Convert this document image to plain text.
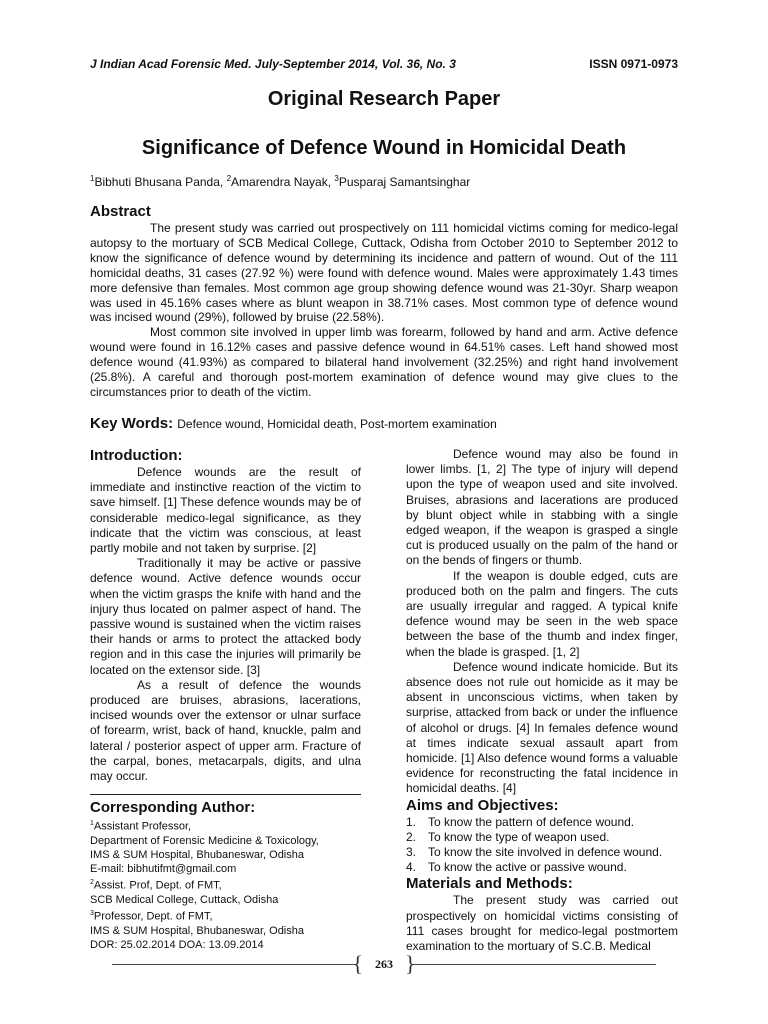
J Indian Acad Forensic Med. July-September 2014, Vol. 36, No. 3	ISSN 0971-0973
Original Research Paper
Significance of Defence Wound in Homicidal Death
$^1$Bibhuti Bhusana Panda, $^2$Amarendra Nayak, $^3$Pusparaj Samantsinghar
Abstract

The present study was carried out prospectively on 111 homicidal victims coming for medico-legal autopsy to the mortuary of SCB Medical College, Cuttack, Odisha from October 2010 to September 2012 to know the significance of defence wound by determining its incidence and pattern of wound. Out of the 111 homicidal deaths, 31 cases (27.92 %) were found with defence wound. Males were approximately 1.43 times more defensive than females. Most common age group showing defence wound was 21-30yr. Sharp weapon was used in 45.16% cases where as blunt weapon in 38.71% cases. Most common type of defence wound was incised wound (29%), followed by bruise (22.58%).

Most common site involved in upper limb was forearm, followed by hand and arm. Active defence wound were found in 16.12% cases and passive defence wound in 64.51% cases. Left hand showed most defence wound (41.93%) as compared to bilateral hand involvement (32.25%) and right hand involvement (25.8%). A careful and thorough post-mortem examination of defence wound may give clues to the circumstances prior to death of the victim.

Key Words: Defence wound, Homicidal death, Post-mortem examination
Introduction:

Defence wounds are the result of immediate and instinctive reaction of the victim to save himself. [1] These defence wounds may be of considerable medico-legal significance, as they indicate that the victim was conscious, at least partly mobile and not taken by surprise. [2]

Traditionally it may be active or passive defence wound. Active defence wounds occur when the victim grasps the knife with hand and the injury thus located on palmer aspect of hand. The passive wound is sustained when the victim raises their hands or arms to protect the attacked body region and in this case the injuries will primarily be located on the extensor side. [3]

As a result of defence the wounds produced are bruises, abrasions, lacerations, incised wounds over the extensor or ulnar surface of forearm, wrist, back of hand, knuckle, palm and lateral / posterior aspect of upper arm. Fracture of the carpal, bones, metacarpals, digits, and ulna may occur.

Corresponding Author:
$^1$Assistant Professor,
Department of Forensic Medicine & Toxicology,
IMS & SUM Hospital, Bhubaneswar, Odisha
E-mail: bibhutifmt@gmail.com
$^2$Assist. Prof, Dept. of FMT,
SCB Medical College, Cuttack, Odisha
$^3$Professor, Dept. of FMT,
IMS & SUM Hospital, Bhubaneswar, Odisha
DOR: 25.02.2014 DOA: 13.09.2014

Defence wound may also be found in lower limbs. [1, 2] The type of injury will depend upon the type of weapon used and site involved. Bruises, abrasions and lacerations are produced by blunt object while in stabbing with a single edged weapon, if the weapon is grasped a single cut is produced usually on the palm of the hand or on the bends of fingers or thumb.

If the weapon is double edged, cuts are produced both on the palm and fingers. The cuts are usually irregular and ragged. A typical knife defence wound may be seen in the web space between the base of the thumb and index finger, when the blade is grasped. [1, 2]

Defence wound indicate homicide. But its absence does not rule out homicide as it may be absent in unconscious victims, when taken by surprise, attacked from back or under the influence of alcohol or drugs. [4] In females defence wound at times indicate sexual assault apart from homicide. [1] Also defence wound forms a valuable evidence for reconstructing the fatal incidence in homicidal deaths. [4]

Aims and Objectives:
1. To know the pattern of defence wound.
2. To know the type of weapon used.
3. To know the site involved in defence wound.
4. To know the active or passive wound.
Materials and Methods:

The present study was carried out prospectively on homicidal victims consisting of 111 cases brought for medico-legal postmortem examination to the mortuary of S.C.B. Medical

{ 263 }
